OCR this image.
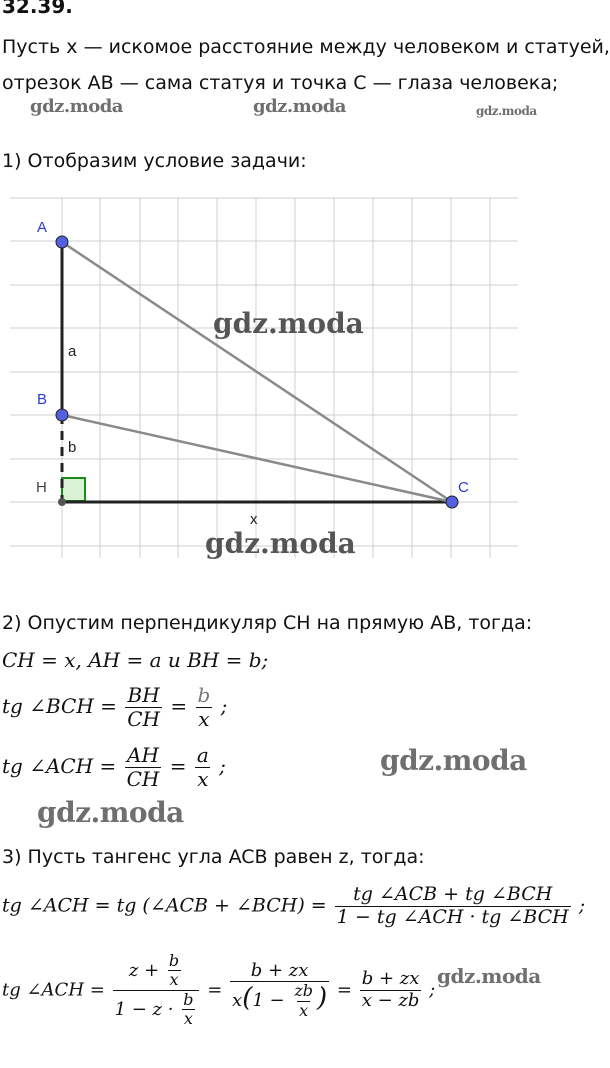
32.39.
Пусть x — искомое расстояние между человеком и статуей,
отрезок AB — сама статуя и точка C — глаза человека;
gdz.moda	gdz.moda	gdz.moda
1) Отобразим условие задачи:
A
B
H	C
a
b
x
gdz.moda
gdz.moda
2) Опустим перпендикуляр CH на прямую AB, тогда:
CH = x, AH = a и BH = b;
tg ∠BCH = $\frac{BH}{CH} = \frac{b}{x}$ ;
tg ∠ACH = $\frac{AH}{CH} = \frac{a}{x}$ ;	gdz.moda
gdz.moda
3) Пусть тангенс угла ACB равен z, тогда:
tg ∠ACH = tg (∠ACB + ∠BCH) = $\frac{\text{tg ∠ACB + tg ∠BCH}}{\text{1 − tg ∠ACH · tg ∠BCH}}$ ;
tg ∠ACH = $\frac{z + \frac{b}{x}}{1 - z \cdot \frac{b}{x}} = \frac{b + zx}{x(1 - \frac{zb}{x} )} = \frac{b + zx}{x - zb}$ ;
gdz.moda
